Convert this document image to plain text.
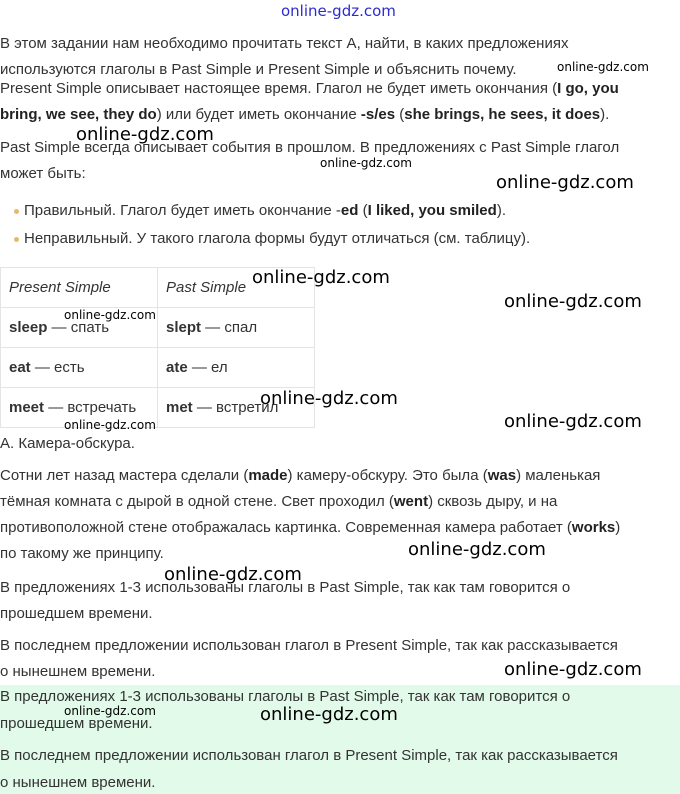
online-gdz.com
В этом задании нам необходимо прочитать текст А, найти, в каких предложениях
используются глаголы в Past Simple и Present Simple и объяснить почему.	online-gdz.com
Present Simple описывает настоящее время. Глагол не будет иметь окончания (I go, you
bring, we see, they do) или будет иметь окончание -s/es (she brings, he sees, it does).
online-gdz.com
Past Simple всегда описывает события в прошлом. В предложениях с Past Simple глагол
online-gdz.com
может быть:	online-gdz.com
Правильный. Глагол будет иметь окончание -ed (I liked, you smiled).
Неправильный. У такого глагола формы будут отличаться (см. таблицу).
Present Simple	Past Simple
sleep — спать	slept — спал
eat — есть	ate — ел
meet — встречать	met — встретил
online-gdz.com
online-gdz.com
online-gdz.com
online-gdz.com
online-gdz.com
online-gdz.com
A. Камера-обскура.
Сотни лет назад мастера сделали (made) камеру-обскуру. Это была (was) маленькая
тёмная комната с дырой в одной стене. Свет проходил (went) сквозь дыру, и на
противоположной стене отображалась картинка. Современная камера работает (works)
по такому же принципу.	online-gdz.com
online-gdz.com
В предложениях 1-3 использованы глаголы в Past Simple, так как там говорится о
прошедшем времени.
В последнем предложении использован глагол в Present Simple, так как рассказывается
о нынешнем времени.	online-gdz.com
В предложениях 1-3 использованы глаголы в Past Simple, так как там говорится о
online-gdz.com	online-gdz.com
прошедшем времени.
В последнем предложении использован глагол в Present Simple, так как рассказывается
о нынешнем времени.
